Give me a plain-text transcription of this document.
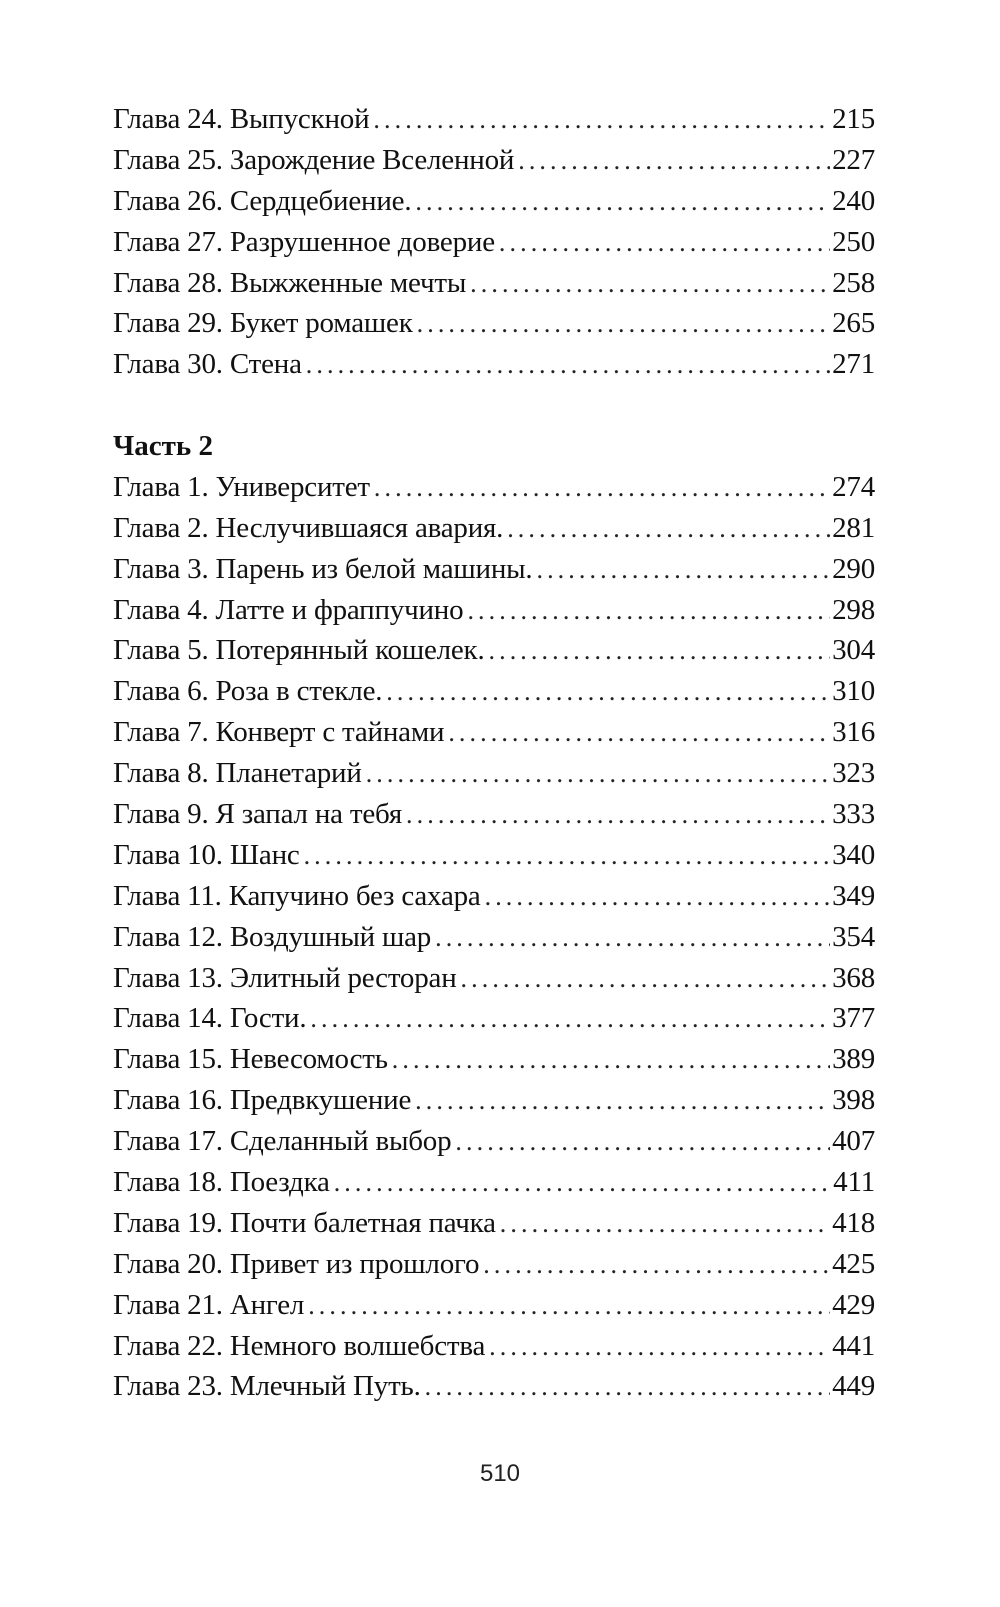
Глава 24. Выпускной . . .	215
Глава 25. Зарождение Вселенной . . .	227
Глава 26. Сердцебиение. . . .	240
Глава 27. Разрушенное доверие . . .	250
Глава 28. Выжженные мечты . . .	258
Глава 29. Букет ромашек . . .	265
Глава 30. Стена . . .	271
Часть 2
Глава 1. Университет . . .	274
Глава 2. Неслучившаяся авария. . . .	281
Глава 3. Парень из белой машины. . . .	290
Глава 4. Латте и фраппучино . . .	298
Глава 5. Потерянный кошелек. . . .	304
Глава 6. Роза в стекле. . . .	310
Глава 7. Конверт с тайнами . . .	316
Глава 8. Планетарий . . .	323
Глава 9. Я запал на тебя . . .	333
Глава 10. Шанс . . .	340
Глава 11. Капучино без сахара . . .	349
Глава 12. Воздушный шар . . .	354
Глава 13. Элитный ресторан . . .	368
Глава 14. Гости. . . .	377
Глава 15. Невесомость . . .	389
Глава 16. Предвкушение . . .	398
Глава 17. Сделанный выбор . . .	407
Глава 18. Поездка . . .	411
Глава 19. Почти балетная пачка . . .	418
Глава 20. Привет из прошлого . . .	425
Глава 21. Ангел . . .	429
Глава 22. Немного волшебства . . .	441
Глава 23. Млечный Путь. . . .	449
510
